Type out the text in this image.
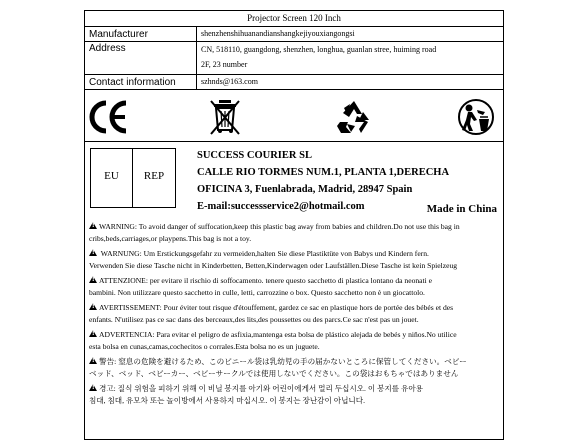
Projector Screen 120 Inch
Manufacturer	shenzhenshihuanandianshangkejiyouxiangongsi
Address	CN, 518110, guangdong, shenzhen, longhua, guanlan stree, huiming road
2F, 23 number
Contact information	szhnds@163.com
EU	REP
SUCCESS COURIER SL
CALLE RIO TORMES NUM.1, PLANTA 1,DERECHA
OFICINA 3, Fuenlabrada, Madrid, 28947 Spain
E-mail:successservice2@hotmail.com	Made in China
!WARNING: To avoid danger of suffocation,keep this plastic bag away from babies and children.Do not use this bag in
cribs,beds,carriages,or playpens.This bag is not a toy.
! WARNUNG: Um Erstickungsgefahr zu vermeiden,halten Sie diese Plastiktüte von Babys und Kindern fern.
Verwenden Sie diese Tasche nicht in Kinderbetten, Betten,Kinderwagen oder Laufställen.Diese Tasche ist kein Spielzeug
!ATTENZIONE: per evitare il rischio di soffocamento. tenere questo sacchetto di plastica lontano da neonati e
bambini. Non utilizzare questo sacchetto in culle, letti, carrozzine o box. Questo sacchetto non è un giocattolo.
!AVERTISSEMENT: Pour éviter tout risque d'étouffement, gardez ce sac en plastique hors de portée des bébés et des
enfants. N'utilisez pas ce sac dans des berceaux,des lits,des poussettes ou des parcs.Ce sac n'est pas un jouet.
!ADVERTENCIA: Para evitar el peligro de asfixia,mantenga esta bolsa de plástico alejada de bebés y niños.No utilice
esta bolsa en cunas,camas,cochecitos o corrales.Esta bolsa no es un juguete.
!警告: 窒息の危険を避けるため、このビニール袋は乳幼児の手の届かないところに保管してください。ベビー
ベッド、ベッド、ベビーカー、ベビーサークルでは使用しないでください。この袋はおもちゃではありません
!경고: 질식 위험을 피하기 위해 이 비닐 봉지를 아기와 어린이에게서 멀리 두십시오. 이 봉지를 유아용
침대, 침대, 유모차 또는 놀이방에서 사용하지 마십시오. 이 봉지는 장난감이 아닙니다.
